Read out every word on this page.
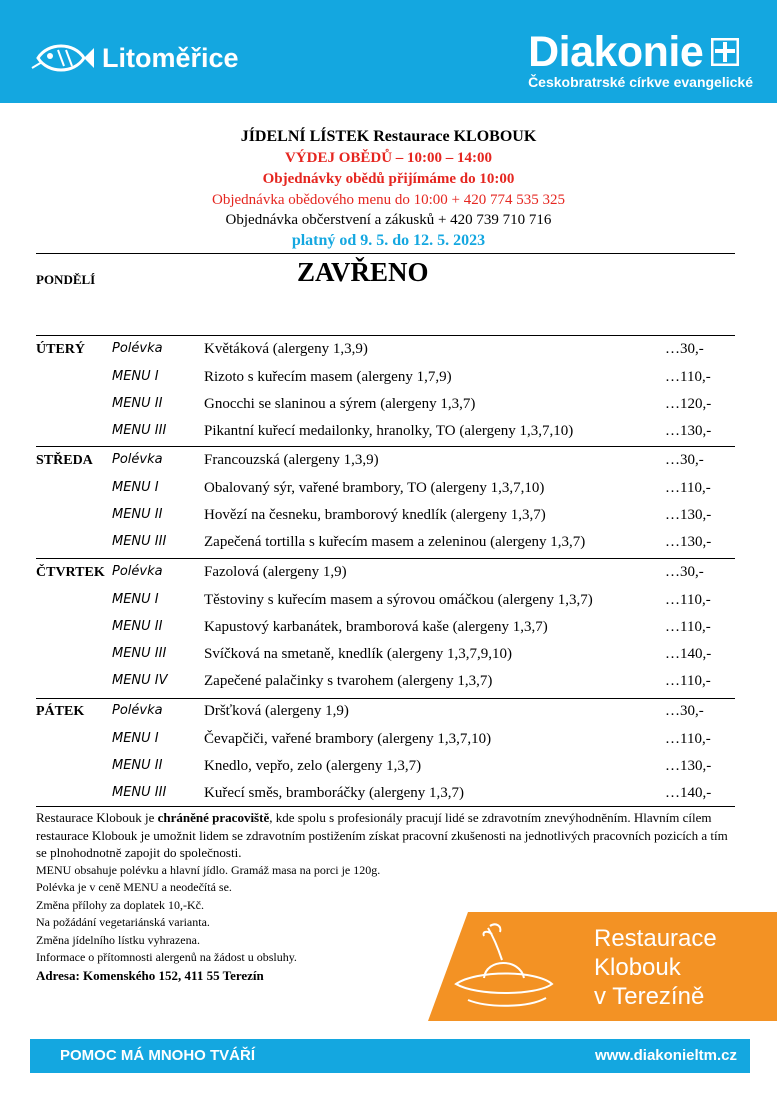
Litoměřice	Diakonie
Českobratrské církve evangelické
JÍDELNÍ LÍSTEK Restaurace KLOBOUK
VÝDEJ OBĚDŮ – 10:00 – 14:00
Objednávky obědů přijímáme do 10:00
Objednávka obědového menu do 10:00 + 420 774 535 325
Objednávka občerstvení a zákusků + 420 739 710 716
platný od 9. 5. do 12. 5. 2023
PONDĚLÍ	ZAVŘENO
ÚTERÝ Polévka	Květáková (alergeny 1,3,9)	…30,-
MENU I	Rizoto s kuřecím masem (alergeny 1,7,9)	…110,-
MENU II	Gnocchi se slaninou a sýrem (alergeny 1,3,7)	…120,-
MENU III	Pikantní kuřecí medailonky, hranolky, TO (alergeny 1,3,7,10)	…130,-
STŘEDA Polévka	Francouzská (alergeny 1,3,9)	…30,-
MENU I	Obalovaný sýr, vařené brambory, TO (alergeny 1,3,7,10)	…110,-
MENU II	Hovězí na česneku, bramborový knedlík (alergeny 1,3,7)	…130,-
MENU III	Zapečená tortilla s kuřecím masem a zeleninou (alergeny 1,3,7)	…130,-
ČTVRTEK Polévka	Fazolová (alergeny 1,9)	…30,-
MENU I	Těstoviny s kuřecím masem a sýrovou omáčkou (alergeny 1,3,7)	…110,-
MENU II	Kapustový karbanátek, bramborová kaše (alergeny 1,3,7)	…110,-
MENU III	Svíčková na smetaně, knedlík (alergeny 1,3,7,9,10)	…140,-
MENU IV Zapečené palačinky s tvarohem (alergeny 1,3,7)	…110,-
PÁTEK Polévka	Dršťková (alergeny 1,9)	…30,-
MENU I	Čevapčiči, vařené brambory (alergeny 1,3,7,10)	…110,-
MENU II	Knedlo, vepřo, zelo (alergeny 1,3,7)	…130,-
MENU III	Kuřecí směs, bramboráčky (alergeny 1,3,7)	…140,-
Restaurace Klobouk je chráněné pracoviště, kde spolu s profesionály pracují lidé se zdravotním znevýhodněním. Hlavním cílem restaurace Klobouk je umožnit lidem se zdravotním postižením získat pracovní zkušenosti na jednotlivých pracovních pozicích a tím se plnohodnotně zapojit do společnosti.
MENU obsahuje polévku a hlavní jídlo. Gramáž masa na porci je 120g.
Polévka je v ceně MENU a neodečítá se.
Změna přílohy za doplatek 10,-Kč.
Na požádání vegetariánská varianta.
Změna jídelního lístku vyhrazena.
Informace o přítomnosti alergenů na žádost u obsluhy.
Adresa: Komenského 152, 411 55 Terezín
Restaurace
Klobouk
v Terezíně
POMOC MÁ MNOHO TVÁŘÍ	www.diakonieltm.cz
